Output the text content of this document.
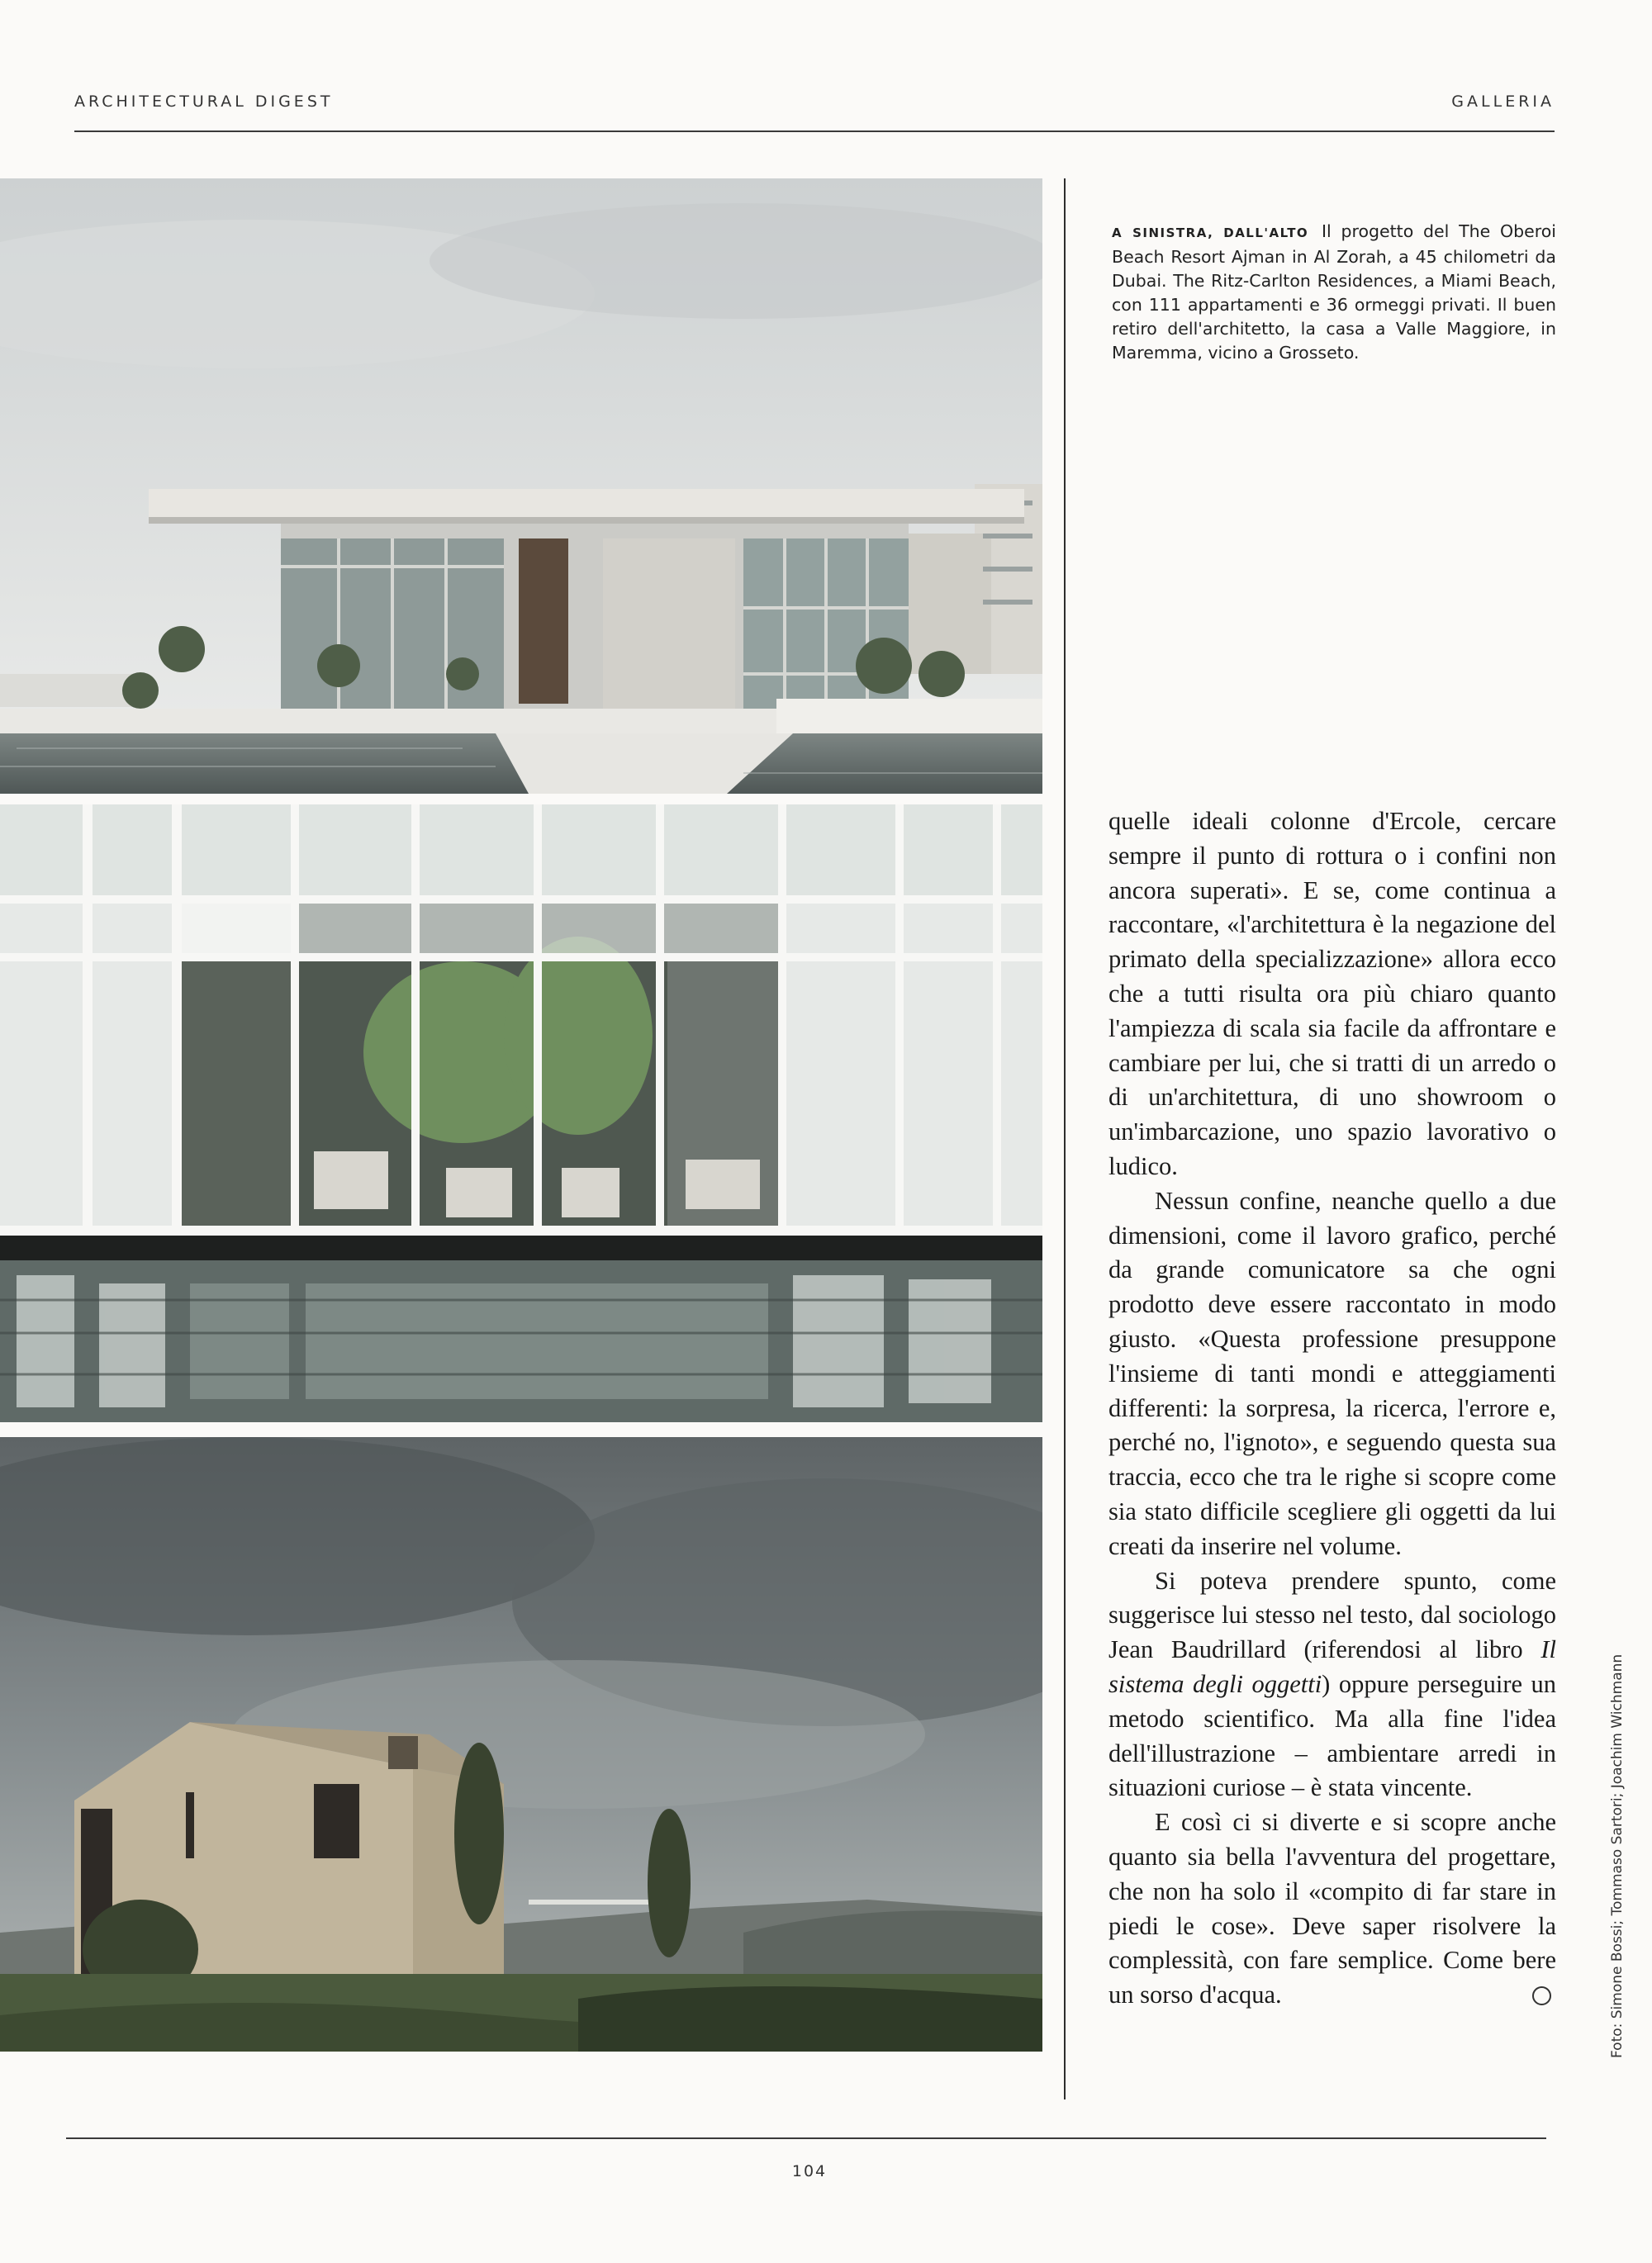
ARCHITECTURAL DIGEST	GALLERIA
A SINISTRA, DALL'ALTO Il progetto del The Oberoi Beach Resort Ajman in Al Zorah, a 45 chilometri da Dubai. The Ritz-Carlton Residences, a Miami Beach, con 111 appartamenti e 36 ormeggi privati. Il buen retiro dell'architetto, la casa a Valle Maggiore, in Maremma, vicino a Grosseto.

quelle ideali colonne d'Ercole, cercare sempre il punto di rottura o i confini non ancora superati». E se, come continua a raccontare, «l'architettura è la negazione del primato della specializzazione» allora ecco che a tutti risulta ora più chiaro quanto l'ampiezza di scala sia facile da affrontare e cambiare per lui, che si tratti di un arredo o di un'architettura, di uno showroom o un'imbarcazione, uno spazio lavorativo o ludico.

Nessun confine, neanche quello a due dimensioni, come il lavoro grafico, perché da grande comunicatore sa che ogni prodotto deve essere raccontato in modo giusto. «Questa professione presuppone l'insieme di tanti mondi e atteggiamenti differenti: la sorpresa, la ricerca, l'errore e, perché no, l'ignoto», e seguendo questa sua traccia, ecco che tra le righe si scopre come sia stato difficile scegliere gli oggetti da lui creati da inserire nel volume.

Si poteva prendere spunto, come suggerisce lui stesso nel testo, dal sociologo Jean Baudrillard (riferendosi al libro Il sistema degli oggetti) oppure perseguire un metodo scientifico. Ma alla fine l'idea dell'illustrazione – ambientare arredi in situazioni curiose – è stata vincente.

E così ci si diverte e si scopre anche quanto sia bella l'avventura del progettare, che non ha solo il «compito di far stare in piedi le cose». Deve saper risolvere la complessità, con fare semplice. Come bere un sorso d'acqua.	Foto: Simone Bossi; Tommaso Sartori; Joachim Wichmann
104
